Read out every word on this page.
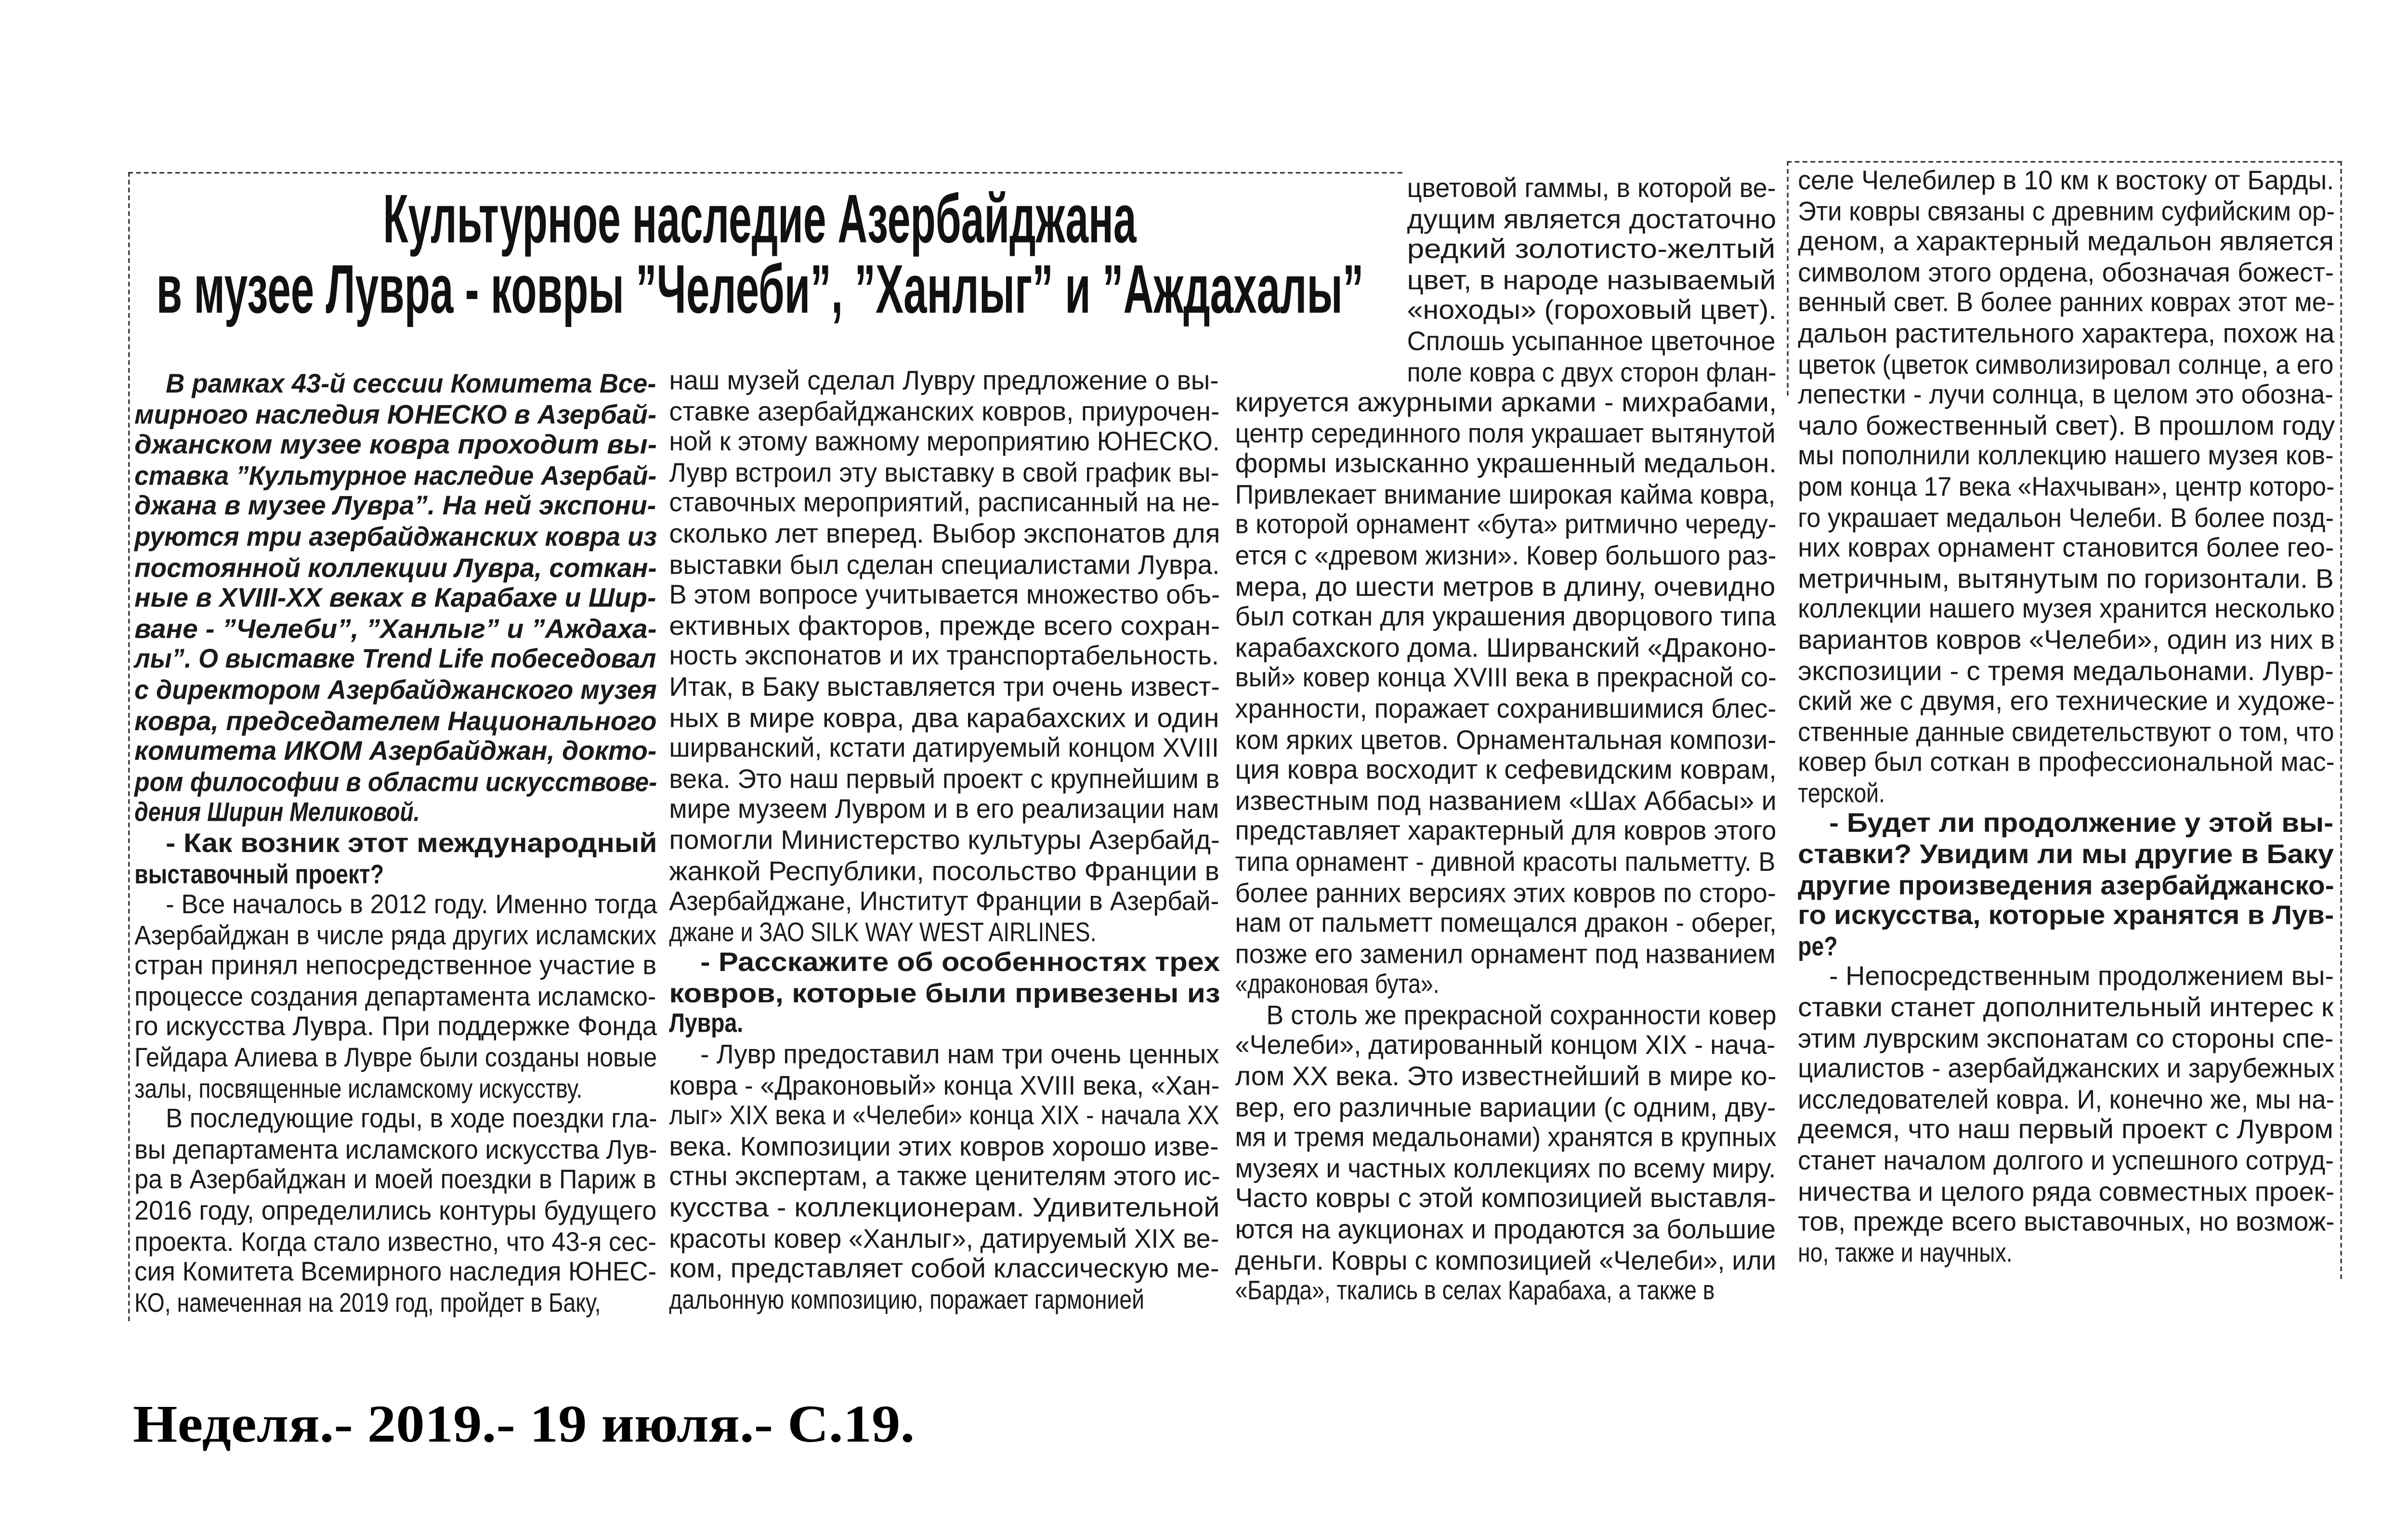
Культурное наследие Азербайджана
в музее Лувра - ковры ”Челеби”, ”Ханлыг” и ”Аждахалы”
В рамках 43-й сессии Комитета Все-
мирного наследия ЮНЕСКО в Азербай-
джанском музее ковра проходит вы-
ставка ”Культурное наследие Азербай-
джана в музее Лувра”. На ней экспони-
руются три азербайджанских ковра из
постоянной коллекции Лувра, соткан-
ные в XVIII-XX веках в Карабахе и Шир-
ване - ”Челеби”, ”Ханлыг” и ”Аждаха-
лы”. О выставке Trend Life побеседовал
с директором Азербайджанского музея
ковра, председателем Национального
комитета ИКОМ Азербайджан, докто-
ром философии в области искусствове-
дения Ширин Меликовой.
- Как возник этот международный
выставочный проект?
- Все началось в 2012 году. Именно тогда
Азербайджан в числе ряда других исламских
стран принял непосредственное участие в
процессе создания департамента исламско-
го искусства Лувра. При поддержке Фонда
Гейдара Алиева в Лувре были созданы новые
залы, посвященные исламскому искусству.
В последующие годы, в ходе поездки гла-
вы департамента исламского искусства Лув-
ра в Азербайджан и моей поездки в Париж в
2016 году, определились контуры будущего
проекта. Когда стало известно, что 43-я сес-
сия Комитета Всемирного наследия ЮНЕС-
КО, намеченная на 2019 год, пройдет в Баку,
наш музей сделал Лувру предложение о вы-
ставке азербайджанских ковров, приурочен-
ной к этому важному мероприятию ЮНЕСКО.
Лувр встроил эту выставку в свой график вы-
ставочных мероприятий, расписанный на не-
сколько лет вперед. Выбор экспонатов для
выставки был сделан специалистами Лувра.
В этом вопросе учитывается множество объ-
ективных факторов, прежде всего сохран-
ность экспонатов и их транспортабельность.
Итак, в Баку выставляется три очень извест-
ных в мире ковра, два карабахских и один
ширванский, кстати датируемый концом XVIII
века. Это наш первый проект с крупнейшим в
мире музеем Лувром и в его реализации нам
помогли Министерство культуры Азербайд-
жанкой Республики, посольство Франции в
Азербайджане, Институт Франции в Азербай-
джане и ЗАО SILK WAY WEST AIRLINES.
- Расскажите об особенностях трех
ковров, которые были привезены из
Лувра.
- Лувр предоставил нам три очень ценных
ковра - «Драконовый» конца XVIII века, «Хан-
лыг» XIX века и «Челеби» конца XIX - начала XX
века. Композиции этих ковров хорошо изве-
стны экспертам, а также ценителям этого ис-
кусства - коллекционерам. Удивительной
красоты ковер «Ханлыг», датируемый XIX ве-
ком, представляет собой классическую ме-
дальонную композицию, поражает гармонией
цветовой гаммы, в которой ве-
дущим является достаточно
редкий золотисто-желтый
цвет, в народе называемый
«ноходы» (гороховый цвет).
Сплошь усыпанное цветочное
поле ковра с двух сторон флан-
кируется ажурными арками - михрабами,
центр серединного поля украшает вытянутой
формы изысканно украшенный медальон.
Привлекает внимание широкая кайма ковра,
в которой орнамент «бута» ритмично череду-
ется с «древом жизни». Ковер большого раз-
мера, до шести метров в длину, очевидно
был соткан для украшения дворцового типа
карабахского дома. Ширванский «Драконо-
вый» ковер конца XVIII века в прекрасной со-
хранности, поражает сохранившимися блес-
ком ярких цветов. Орнаментальная компози-
ция ковра восходит к сефевидским коврам,
известным под названием «Шах Аббасы» и
представляет характерный для ковров этого
типа орнамент - дивной красоты пальметту. В
более ранних версиях этих ковров по сторо-
нам от пальметт помещался дракон - оберег,
позже его заменил орнамент под названием
«драконовая бута».
В столь же прекрасной сохранности ковер
«Челеби», датированный концом XIX - нача-
лом XX века. Это известнейший в мире ко-
вер, его различные вариации (с одним, дву-
мя и тремя медальонами) хранятся в крупных
музеях и частных коллекциях по всему миру.
Часто ковры с этой композицией выставля-
ются на аукционах и продаются за большие
деньги. Ковры с композицией «Челеби», или
«Барда», ткались в селах Карабаха, а также в
селе Челебилер в 10 км к востоку от Барды.
Эти ковры связаны с древним суфийским ор-
деном, а характерный медальон является
символом этого ордена, обозначая божест-
венный свет. В более ранних коврах этот ме-
дальон растительного характера, похож на
цветок (цветок символизировал солнце, а его
лепестки - лучи солнца, в целом это обозна-
чало божественный свет). В прошлом году
мы пополнили коллекцию нашего музея ков-
ром конца 17 века «Нахчыван», центр которо-
го украшает медальон Челеби. В более позд-
них коврах орнамент становится более гео-
метричным, вытянутым по горизонтали. В
коллекции нашего музея хранится несколько
вариантов ковров «Челеби», один из них в
экспозиции - с тремя медальонами. Лувр-
ский же с двумя, его технические и художе-
ственные данные свидетельствуют о том, что
ковер был соткан в профессиональной мас-
терской.
- Будет ли продолжение у этой вы-
ставки? Увидим ли мы другие в Баку
другие произведения азербайджанско-
го искусства, которые хранятся в Лув-
ре?
- Непосредственным продолжением вы-
ставки станет дополнительный интерес к
этим луврским экспонатам со стороны спе-
циалистов - азербайджанских и зарубежных
исследователей ковра. И, конечно же, мы на-
деемся, что наш первый проект с Лувром
станет началом долгого и успешного сотруд-
ничества и целого ряда совместных проек-
тов, прежде всего выставочных, но возмож-
но, также и научных.
Неделя.- 2019.- 19 июля.- С.19.
